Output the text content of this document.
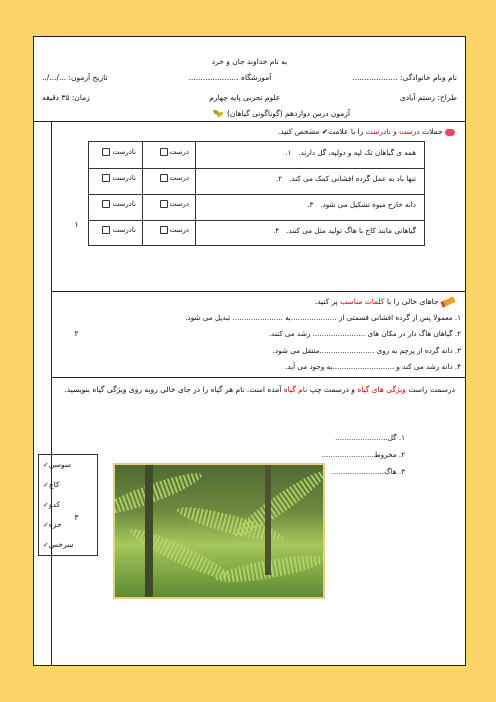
به نام خداوند جان و خرد
نام ونام خانوادگی: ...................
آموزشگاه .....................
تاریخ آزمون: .../.../..
طراح: رستم آبادی
علوم تجربی پایه چهارم
زمان: ۳۵ دقیقه
آزمون درس دوازدهم (گوناگونی گیاهان)
جملات درست و نادرست را با علامت✔ مشخص کنید.
همه ی گیاهان تک لپه و دولپه، گل دارند.   ۱.
درست
نادرست
تنها باد به عمل گرده افشانی کمک می کند.   ۲.
درست
نادرست
دانه خارج میوه تشکیل می شود.   ۳.
درست
نادرست
گیاهانی مانند کاج با هاگ تولید مثل می کنند.   ۴.
درست
نادرست
جاهای خالی را با کلمات مناسب پر کنید.
۱. معمولا پس از گرده افشانی قسمتی از ....................به ...................... تبدیل می شود.
۲. گیاهان هاگ دار در مکان های ....................... رشد می کنند.
۳. دانه گرده از پرچم به روی ........................منتقل می شود.
۴. دانه رشد می کند و ...........................به وجود می آید.
درسمت راست ویژگی های گیاه و درسمت چپ نام گیاه آمده است. نام هر گیاه را در جای خالی روبه روی ویژگی گیاه بنویسید.
۱. گل.......................
۲. مخروط.......................
۳. هاگ.......................
۱
۲
۳
✓ سوسن
✓ کاج
✓ کدو
✓ خزه
✓ سرخس
